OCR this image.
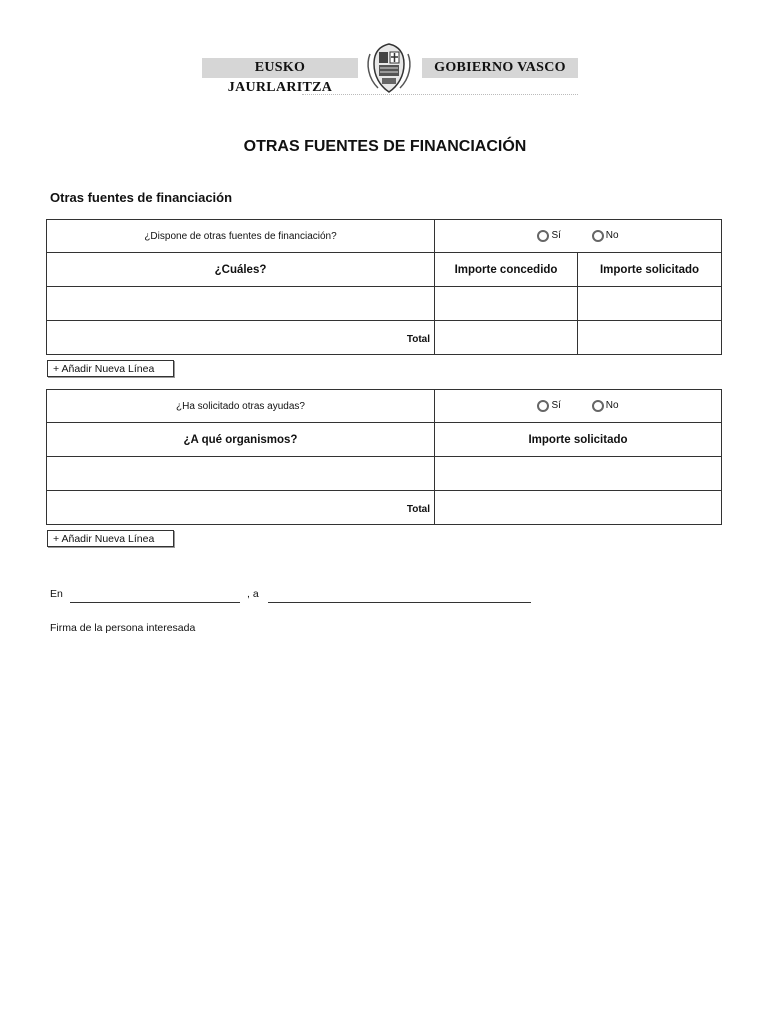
EUSKO JAURLARITZA
GOBIERNO VASCO
OTRAS FUENTES DE FINANCIACIÓN
Otras fuentes de financiación
¿Dispone de otras fuentes de financiación?	Sí No	
¿Cuáles?	Importe concedido	Importe solicitado

Total		
+ Añadir Nueva Línea
¿Ha solicitado otras ayudas?	Sí No
¿A qué organismos?	Importe solicitado

Total	
+ Añadir Nueva Línea
En	, a
Firma de la persona interesada
